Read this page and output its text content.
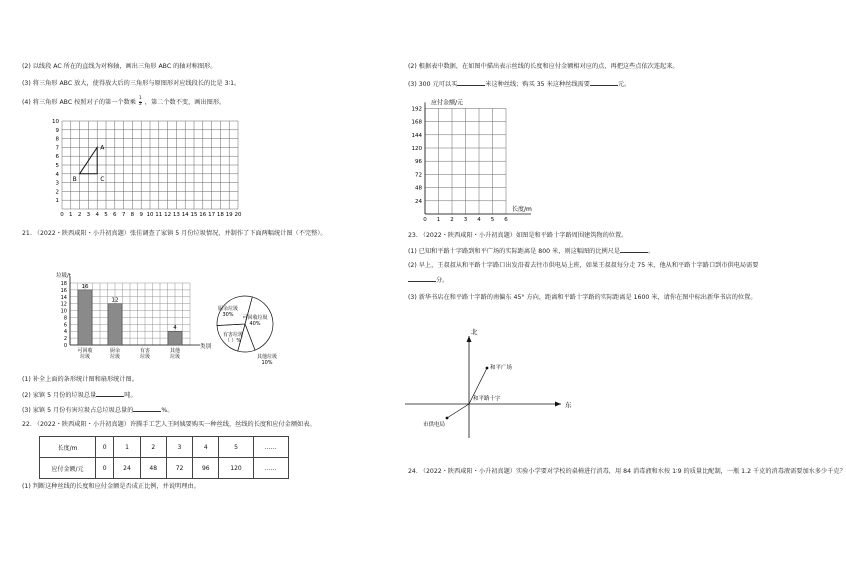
(2) 以线段 AC 所在的直线为对称轴，画出三角形 ABC 的轴对称图形。
(3) 将三角形 ABC 放大，使得放大后的三角形与原图形对应线段长的比是 3∶1。
(4) 将三角形 ABC 按照对子的第一个数乘 $\frac{1}{2}$ ，第二个数不变，画出图形。
0 1 2 3 4 5 6 7 8 9 10 11 12 13 14 15 16 17 18 19 20
1
2
3
4
5
6
7
8
9
10
A
B	C
21. （2022・陕西咸阳・小升初真题）张佳调查了家镇 5 月份垃圾情况，并制作了下面两幅统计图（不完整）。
垃圾/t
类别
0
2
4
6
8
10
12
14
16
18	16
可回收
垃圾
12
厨余
垃圾
有害
垃圾
4
其他
垃圾
可回收垃圾
40%
其他垃圾
10%
有害垃圾
（ ）%
厨余垃圾
30%
(1) 补全上面的条形统计图和扇形统计图。
(2) 家镇 5 月份的垃圾总量	吨。
(3) 家镇 5 月份有害垃圾占总垃圾总量的	%。
22. （2022・陕西咸阳・小升初真题）许腾手工艺人王阿姨要购买一种丝线，丝线的长度和应付金额如表。
长度/m	0	1	2	3	4	5	……
应付金额/元	0	24	48	72	96	120	……
(1) 判断这种丝线的长度和应付金额是否成正比例，并说明理由。
(2) 根据表中数据，在如图中描出表示丝线的长度和应付金额相对应的点，再把这些点依次连起来。
(3) 300 元可以买	米这种丝线；购买 35 米这种丝线需要	元。
应付金额/元
长度/m
0 1 2 3 4 5 6
24
48
72
96
120
144
168
192
23. （2022・陕西咸阳・小升初真题）如图是和平路十字路周围建筑物的位置。
(1) 已知和平路十字路到和平广场的实际距离是 800 米，则这幅图的比例尺是	。
(2) 早上，王叔叔从和平路十字路口出发沿着去往市供电局上班，如果王叔叔每分走 75 米，他从和平路十字路口到市供电局需要
分。
(3) 新华书店在和平路十字路的南偏东 45° 方向，距离和平路十字路的实际距离是 1600 米，请你在图中标出新华书店的位置。
北
东
和平广场
市供电局
和平路十字
24. （2022・陕西咸阳・小升初真题）实验小学要对学校的桌椅进行消毒，用 84 消毒液和水按 1∶9 的质量比配制，一瓶 1.2 千克的消毒液需要加水多少千克？
